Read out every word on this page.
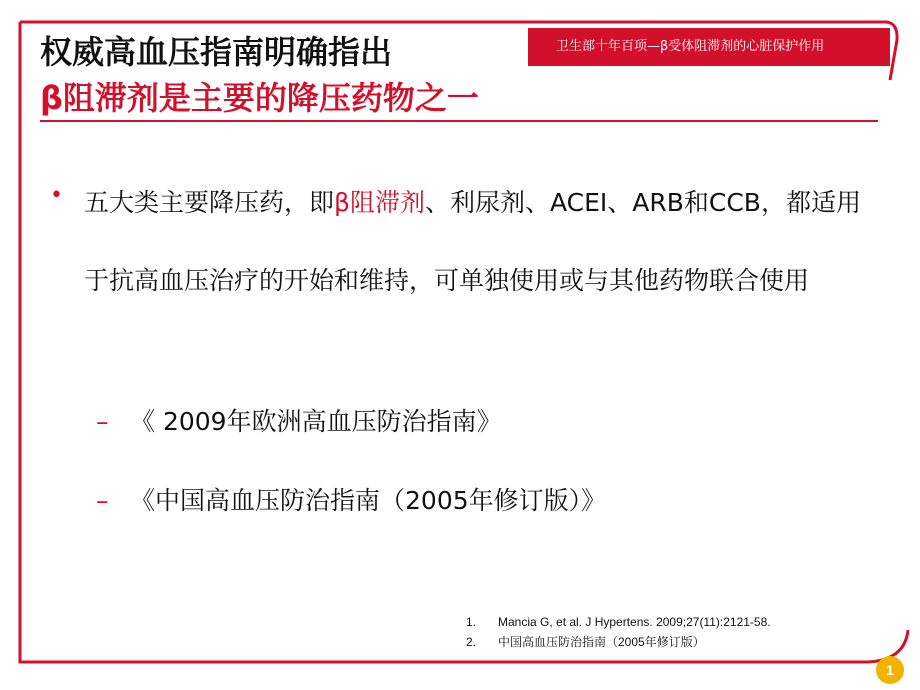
卫生部十年百项—β受体阻滞剂的心脏保护作用
权威高血压指南明确指出
β阻滞剂是主要的降压药物之一
• 五大类主要降压药，即β阻滞剂、利尿剂、ACEI、ARB和CCB，都适用于抗高血压治疗的开始和维持，可单独使用或与其他药物联合使用
– 《 2009年欧洲高血压防治指南》
– 《中国高血压防治指南（2005年修订版）》
1. Mancia G, et al. J Hypertens. 2009;27(11):2121-58.
2. 中国高血压防治指南（2005年修订版）
1
